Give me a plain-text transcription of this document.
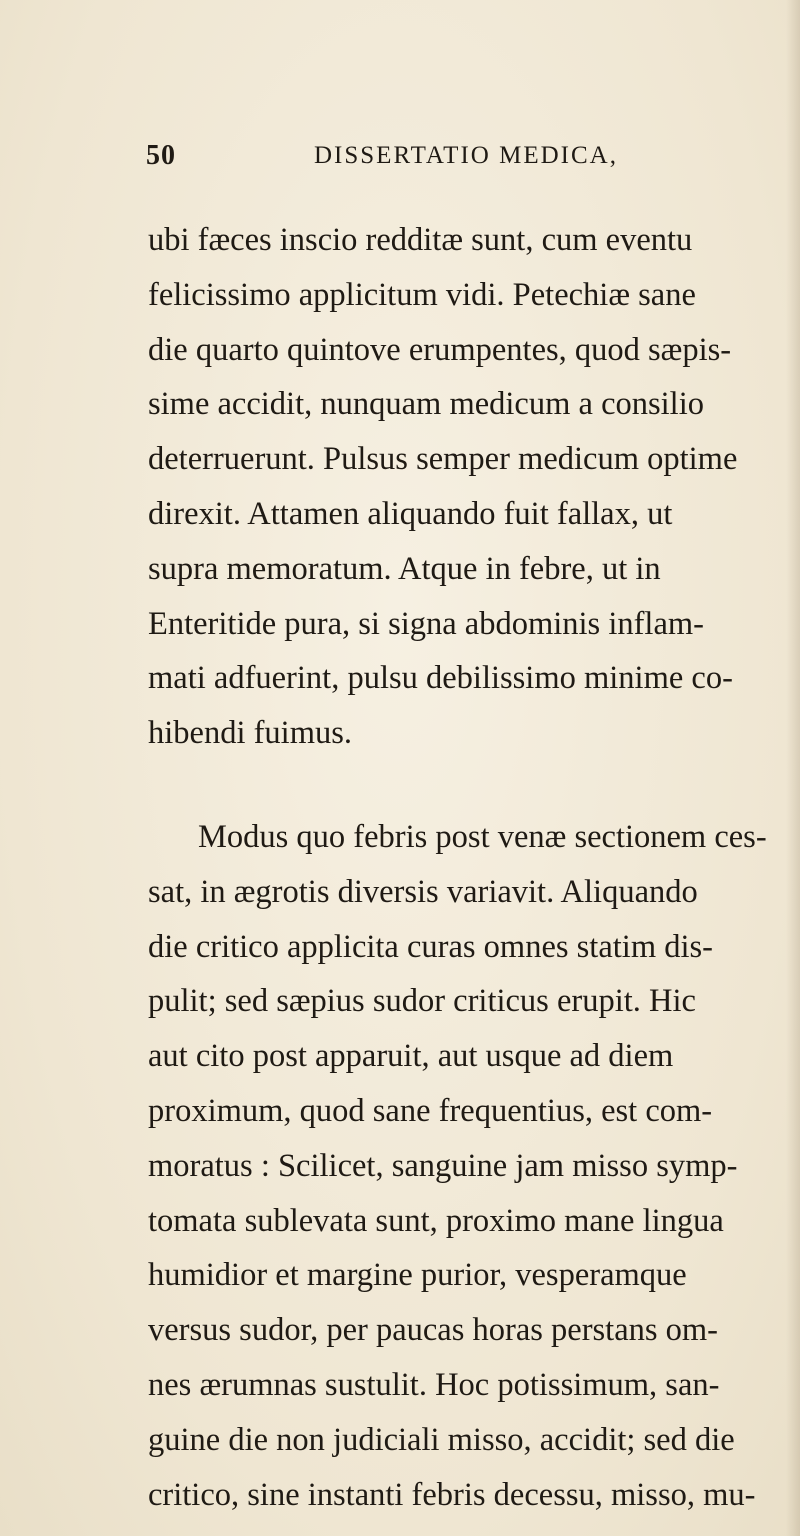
50	DISSERTATIO MEDICA,
ubi fæces inscio redditæ sunt, cum eventu
felicissimo applicitum vidi. Petechiæ sane
die quarto quintove erumpentes, quod sæpis-
sime accidit, nunquam medicum a consilio
deterruerunt. Pulsus semper medicum optime
direxit. Attamen aliquando fuit fallax, ut
supra memoratum. Atque in febre, ut in
Enteritide pura, si signa abdominis inflam-
mati adfuerint, pulsu debilissimo minime co-
hibendi fuimus.
Modus quo febris post venæ sectionem ces-
sat, in ægrotis diversis variavit. Aliquando
die critico applicita curas omnes statim dis-
pulit; sed sæpius sudor criticus erupit. Hic
aut cito post apparuit, aut usque ad diem
proximum, quod sane frequentius, est com-
moratus : Scilicet, sanguine jam misso symp-
tomata sublevata sunt, proximo mane lingua
humidior et margine purior, vesperamque
versus sudor, per paucas horas perstans om-
nes ærumnas sustulit. Hoc potissimum, san-
guine die non judiciali misso, accidit; sed die
critico, sine instanti febris decessu, misso, mu-
